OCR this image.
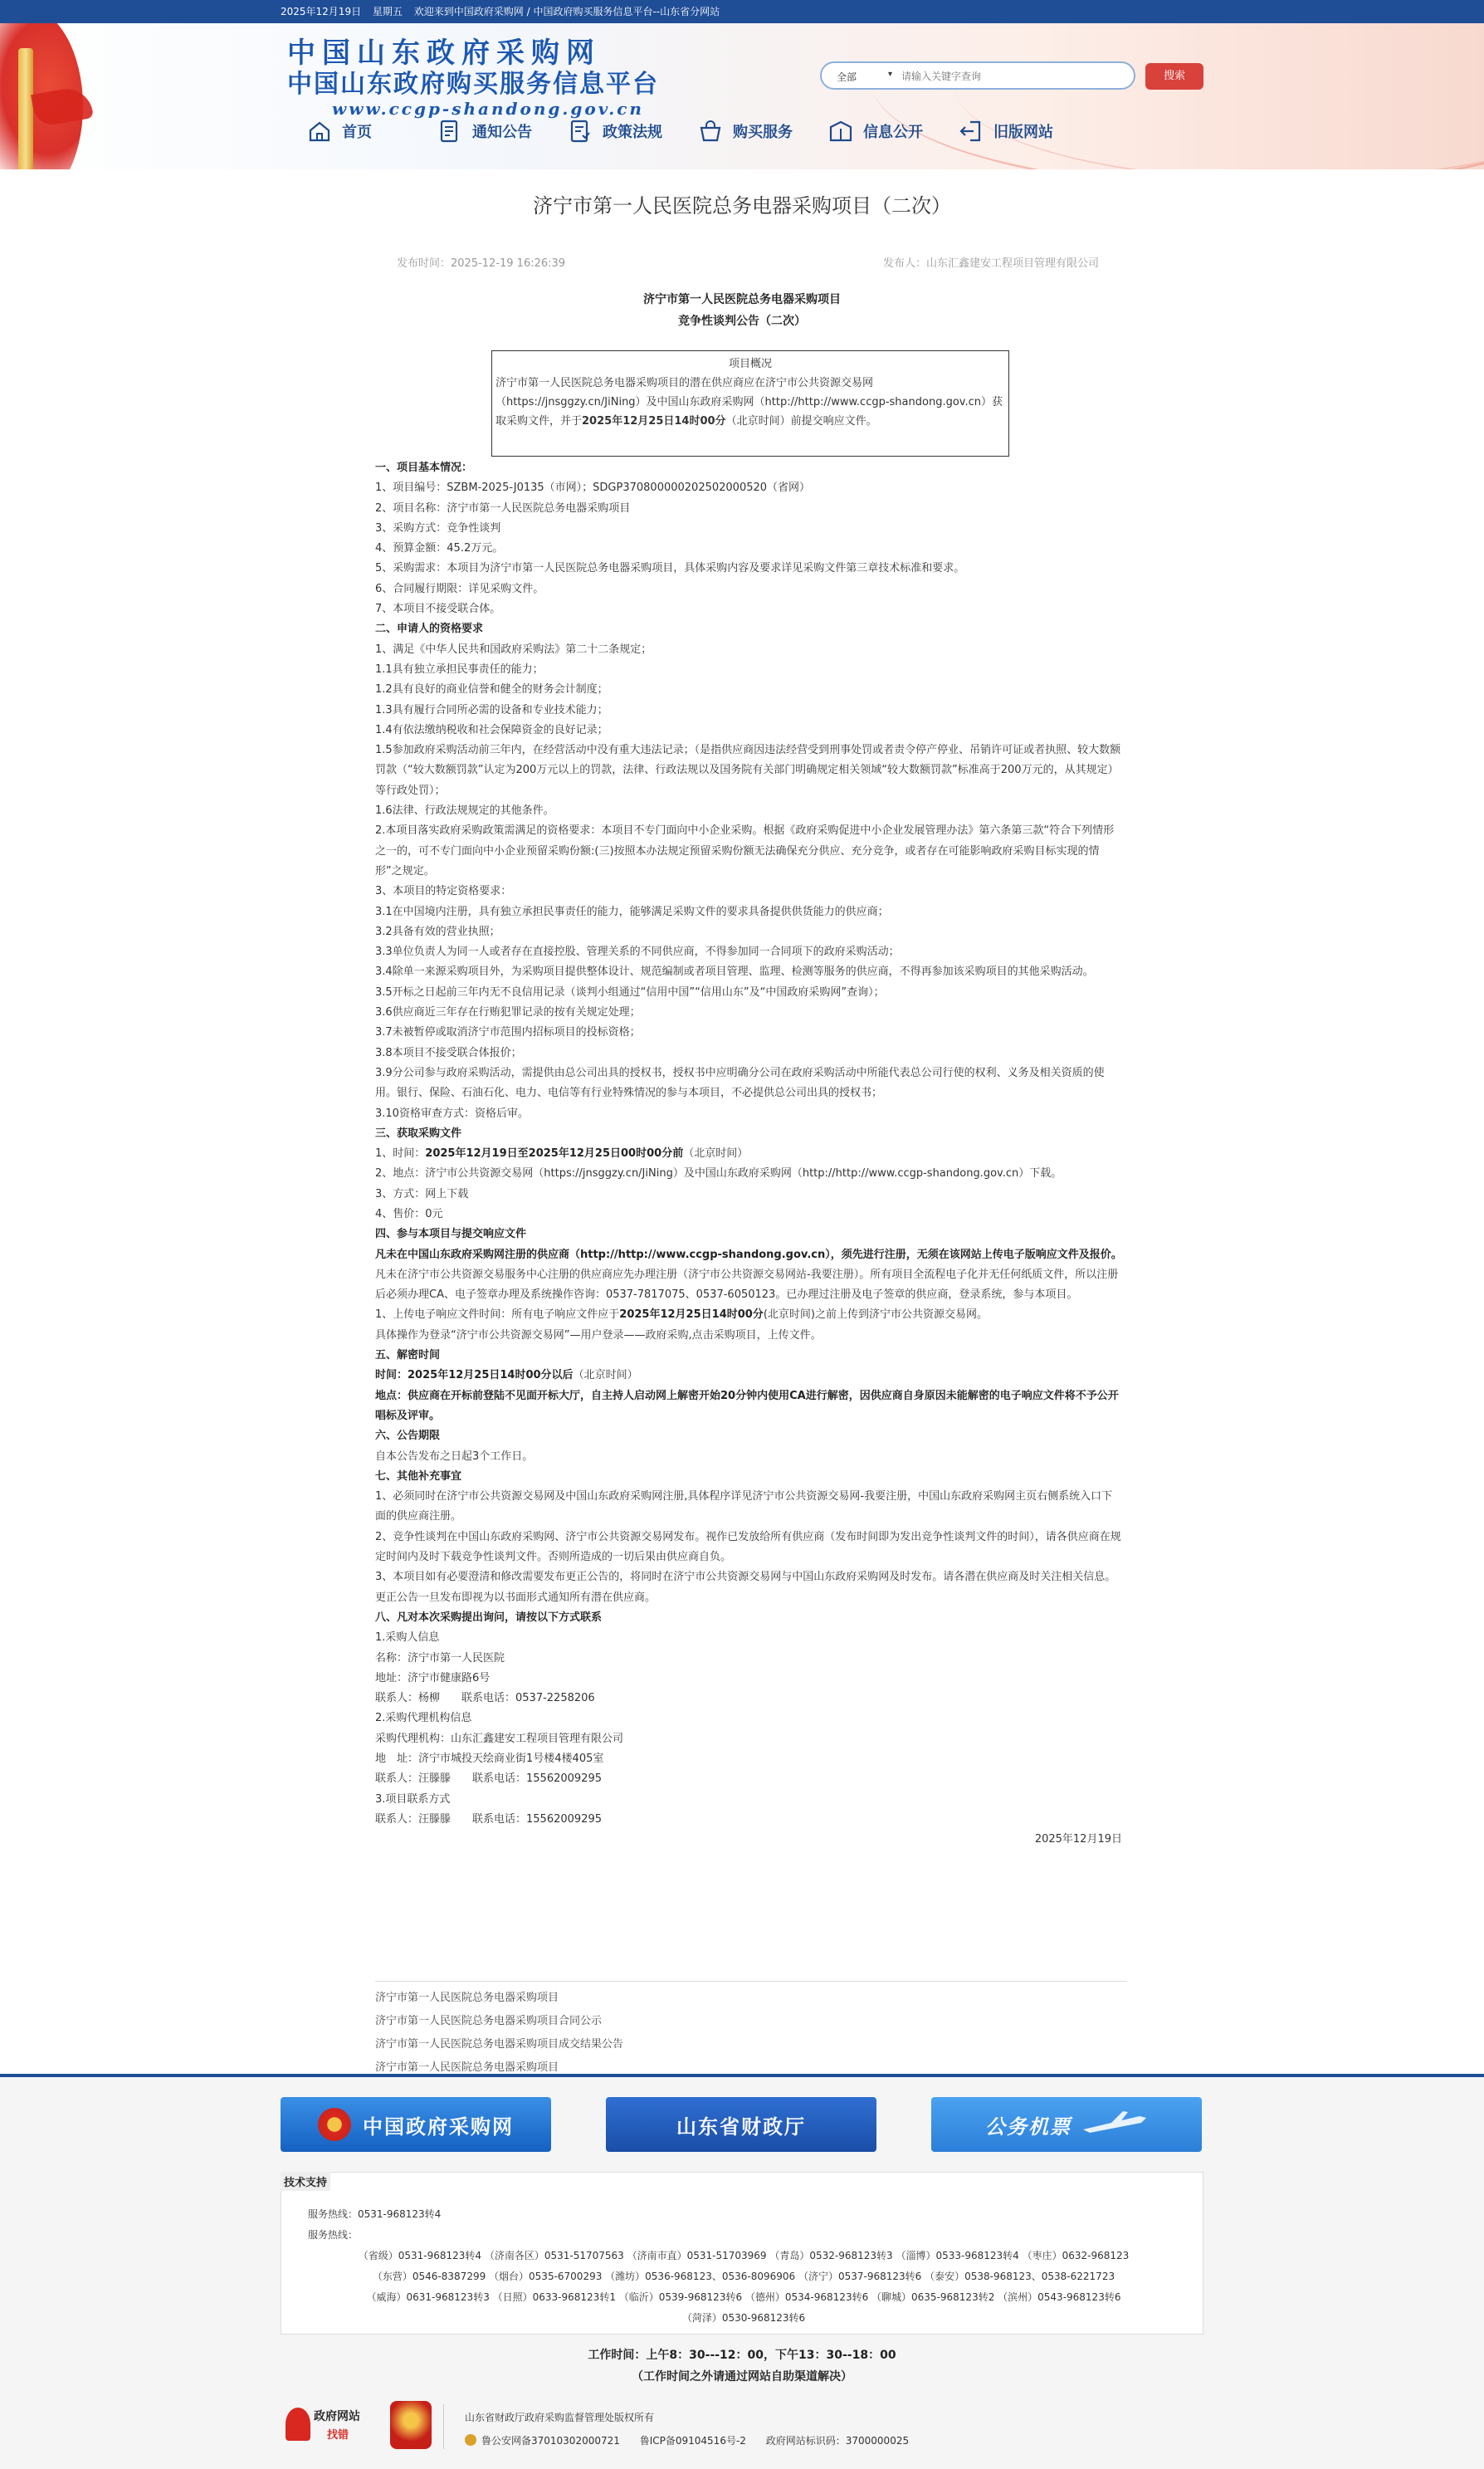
2025年12月19日 星期五 欢迎来到中国政府采购网 / 中国政府购买服务信息平台--山东省分网站
中国山东政府采购网
中国山东政府购买服务信息平台
www.ccgp-shandong.gov.cn
全部	▾
请输入关键字查询	搜索
首页	通知公告	政策法规	购买服务	信息公开	旧版网站
济宁市第一人民医院总务电器采购项目（二次）
发布时间：2025-12-19 16:26:39	发布人：山东汇鑫建安工程项目管理有限公司
济宁市第一人民医院总务电器采购项目
竞争性谈判公告（二次）
项目概况
济宁市第一人民医院总务电器采购项目的潜在供应商应在济宁市公共资源交易网（https://jnsggzy.cn/JiNing）及中国山东政府采购网（http://http://www.ccgp-shandong.gov.cn）获取采购文件，并于2025年12月25日14时00分（北京时间）前提交响应文件。

一、项目基本情况：

1、项目编号：SZBM-2025-J0135（市网）；SDGP370800000202502000520（省网）

2、项目名称：济宁市第一人民医院总务电器采购项目

3、采购方式：竞争性谈判

4、预算金额：45.2万元。

5、采购需求：本项目为济宁市第一人民医院总务电器采购项目，具体采购内容及要求详见采购文件第三章技术标准和要求。

6、合同履行期限：详见采购文件。

7、本项目不接受联合体。

二、申请人的资格要求

1、满足《中华人民共和国政府采购法》第二十二条规定；

1.1具有独立承担民事责任的能力；

1.2具有良好的商业信誉和健全的财务会计制度；

1.3具有履行合同所必需的设备和专业技术能力；

1.4有依法缴纳税收和社会保障资金的良好记录；

1.5参加政府采购活动前三年内，在经营活动中没有重大违法记录；（是指供应商因违法经营受到刑事处罚或者责令停产停业、吊销许可证或者执照、较大数额罚款（“较大数额罚款”认定为200万元以上的罚款，法律、行政法规以及国务院有关部门明确规定相关领域“较大数额罚款”标准高于200万元的，从其规定）等行政处罚）；

1.6法律、行政法规规定的其他条件。

2.本项目落实政府采购政策需满足的资格要求：本项目不专门面向中小企业采购。根据《政府采购促进中小企业发展管理办法》第六条第三款“符合下列情形之一的，可不专门面向中小企业预留采购份额:(三)按照本办法规定预留采购份额无法确保充分供应、充分竞争，或者存在可能影响政府采购目标实现的情形”之规定。

3、本项目的特定资格要求：

3.1在中国境内注册，具有独立承担民事责任的能力，能够满足采购文件的要求具备提供供货能力的供应商；

3.2具备有效的营业执照；

3.3单位负责人为同一人或者存在直接控股、管理关系的不同供应商，不得参加同一合同项下的政府采购活动；

3.4除单一来源采购项目外，为采购项目提供整体设计、规范编制或者项目管理、监理、检测等服务的供应商，不得再参加该采购项目的其他采购活动。

3.5开标之日起前三年内无不良信用记录（谈判小组通过“信用中国”“信用山东”及“中国政府采购网”查询）；

3.6供应商近三年存在行贿犯罪记录的按有关规定处理；

3.7未被暂停或取消济宁市范围内招标项目的投标资格；

3.8本项目不接受联合体报价；

3.9分公司参与政府采购活动，需提供由总公司出具的授权书，授权书中应明确分公司在政府采购活动中所能代表总公司行使的权利、义务及相关资质的使用。银行、保险、石油石化、电力、电信等有行业特殊情况的参与本项目，不必提供总公司出具的授权书；

3.10资格审查方式：资格后审。

三、获取采购文件

1、时间：2025年12月19日至2025年12月25日00时00分前（北京时间）

2、地点：济宁市公共资源交易网（https://jnsggzy.cn/JiNing）及中国山东政府采购网（http://http://www.ccgp-shandong.gov.cn）下载。

3、方式：网上下载

4、售价：0元

四、参与本项目与提交响应文件

凡未在中国山东政府采购网注册的供应商（http://http://www.ccgp-shandong.gov.cn），须先进行注册，无须在该网站上传电子版响应文件及报价。

凡未在济宁市公共资源交易服务中心注册的供应商应先办理注册（济宁市公共资源交易网站-我要注册）。所有项目全流程电子化并无任何纸质文件，所以注册后必须办理CA、电子签章办理及系统操作咨询：0537-7817075、0537-6050123。已办理过注册及电子签章的供应商，登录系统，参与本项目。

1、上传电子响应文件时间：所有电子响应文件应于2025年12月25日14时00分(北京时间)之前上传到济宁市公共资源交易网。

具体操作为登录“济宁市公共资源交易网”—用户登录——政府采购,点击采购项目，上传文件。

五、解密时间

时间：2025年12月25日14时00分以后（北京时间）

地点：供应商在开标前登陆不见面开标大厅，自主持人启动网上解密开始20分钟内使用CA进行解密，因供应商自身原因未能解密的电子响应文件将不予公开唱标及评审。

六、公告期限

自本公告发布之日起3个工作日。

七、其他补充事宜

1、必须同时在济宁市公共资源交易网及中国山东政府采购网注册,具体程序详见济宁市公共资源交易网-我要注册，中国山东政府采购网主页右侧系统入口下面的供应商注册。

2、竞争性谈判在中国山东政府采购网、济宁市公共资源交易网发布。视作已发放给所有供应商（发布时间即为发出竞争性谈判文件的时间），请各供应商在规定时间内及时下载竞争性谈判文件。否则所造成的一切后果由供应商自负。

3、本项目如有必要澄清和修改需要发布更正公告的，将同时在济宁市公共资源交易网与中国山东政府采购网及时发布。请各潜在供应商及时关注相关信息。更正公告一旦发布即视为以书面形式通知所有潜在供应商。

八、凡对本次采购提出询问，请按以下方式联系

1.采购人信息

名称：济宁市第一人民医院

地址：济宁市健康路6号

联系人：杨柳　　联系电话：0537-2258206

2.采购代理机构信息

采购代理机构：山东汇鑫建安工程项目管理有限公司

地　址：济宁市城投天绘商业街1号楼4楼405室

联系人：汪滕滕　　联系电话：15562009295

3.项目联系方式

联系人：汪滕滕　　联系电话：15562009295

2025年12月19日

济宁市第一人民医院总务电器采购项目
济宁市第一人民医院总务电器采购项目合同公示
济宁市第一人民医院总务电器采购项目成交结果公告
济宁市第一人民医院总务电器采购项目
中国政府采购网	山东省财政厅	公务机票
服务热线：0531-968123转4
服务热线：
（省级）0531-968123转4 （济南各区）0531-51707563 （济南市直）0531-51703969 （青岛）0532-968123转3 （淄博）0533-968123转4 （枣庄）0632-968123
（东营）0546-8387299 （烟台）0535-6700293 （潍坊）0536-968123、0536-8096906 （济宁）0537-968123转6 （泰安）0538-968123、0538-6221723
（威海）0631-968123转3 （日照）0633-968123转1 （临沂）0539-968123转6 （德州）0534-968123转6 （聊城）0635-968123转2 （滨州）0543-968123转6
（菏泽）0530-968123转6
技术支持
工作时间：上午8：30---12：00，下午13：30--18：00
（工作时间之外请通过网站自助渠道解决）
政府网站
找错
山东省财政厅政府采购监督管理处版权所有
鲁公安网备37010302000721 鲁ICP备09104516号-2 政府网站标识码：3700000025
